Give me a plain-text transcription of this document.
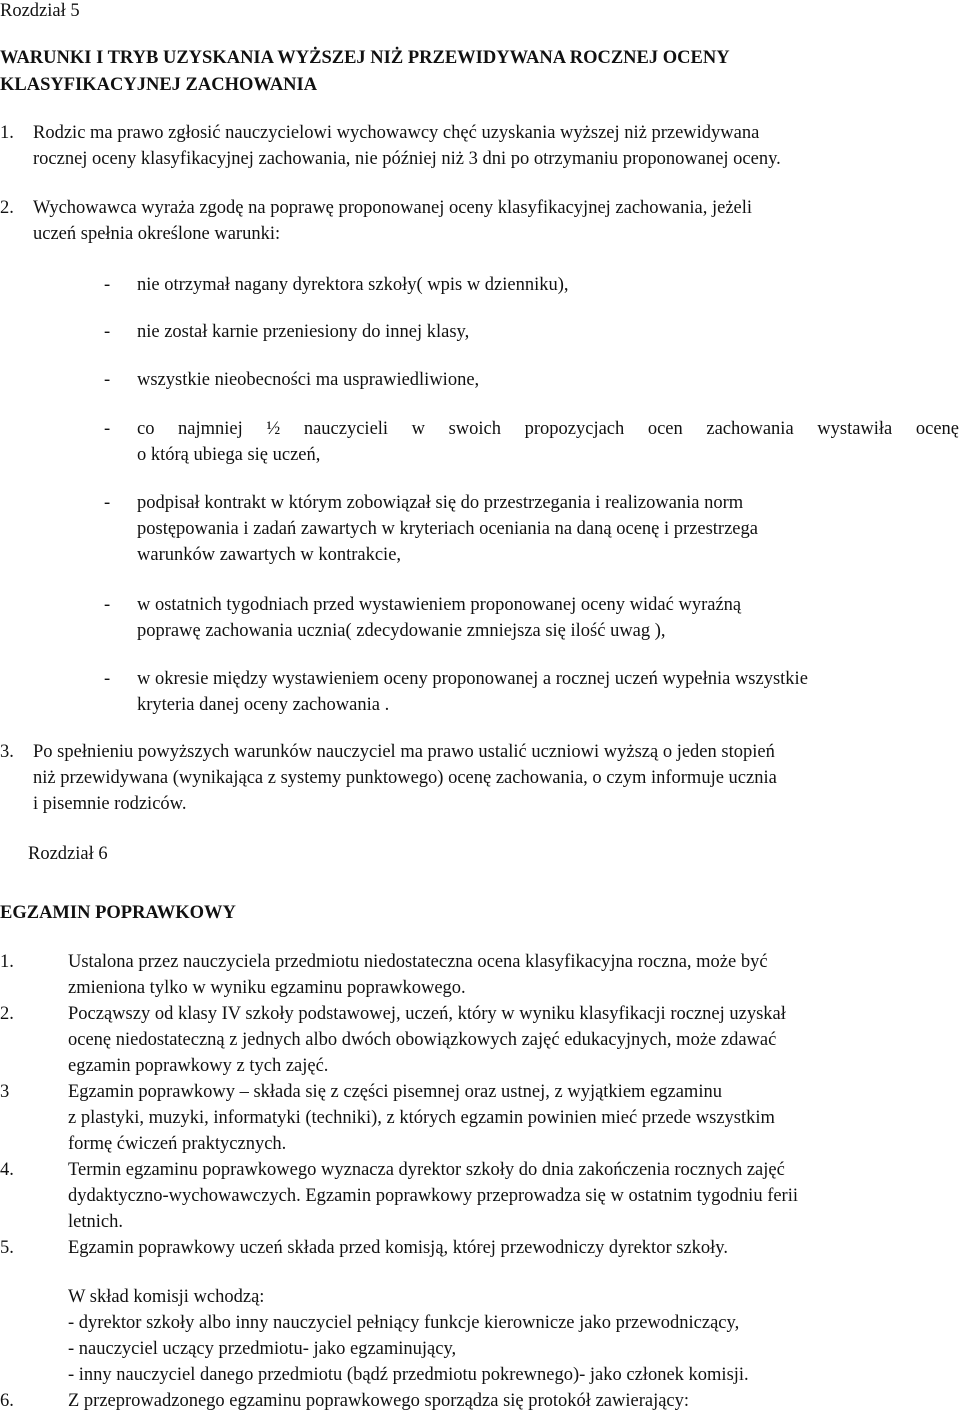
Rozdział 5
WARUNKI I TRYB UZYSKANIA WYŻSZEJ NIŻ PRZEWIDYWANA ROCZNEJ OCENY
KLASYFIKACYJNEJ ZACHOWANIA
1. Rodzic ma prawo zgłosić nauczycielowi wychowawcy chęć uzyskania wyższej niż przewidywana
rocznej oceny klasyfikacyjnej zachowania, nie później niż 3 dni po otrzymaniu proponowanej oceny.
2. Wychowawca wyraża zgodę na poprawę proponowanej oceny klasyfikacyjnej zachowania, jeżeli
uczeń spełnia określone warunki:
- nie otrzymał nagany dyrektora szkoły( wpis w dzienniku),
- nie został karnie przeniesiony do innej klasy,
- wszystkie nieobecności ma usprawiedliwione,
- co najmniej ½ nauczycieli w swoich propozycjach ocen zachowania wystawiła ocenę
o którą ubiega się uczeń,
- podpisał kontrakt w którym zobowiązał się do przestrzegania i realizowania norm
postępowania i zadań zawartych w kryteriach oceniania na daną ocenę i przestrzega
warunków zawartych w kontrakcie,
- w ostatnich tygodniach przed wystawieniem proponowanej oceny widać wyraźną
poprawę zachowania ucznia( zdecydowanie zmniejsza się ilość uwag ),
- w okresie między wystawieniem oceny proponowanej a rocznej uczeń wypełnia wszystkie
kryteria danej oceny zachowania .
3. Po spełnieniu powyższych warunków nauczyciel ma prawo ustalić uczniowi wyższą o jeden stopień
niż przewidywana (wynikająca z systemy punktowego) ocenę zachowania, o czym informuje ucznia
i pisemnie rodziców.
Rozdział 6
EGZAMIN POPRAWKOWY
1.	Ustalona przez nauczyciela przedmiotu niedostateczna ocena klasyfikacyjna roczna, może być
zmieniona tylko w wyniku egzaminu poprawkowego.
2.	Począwszy od klasy IV szkoły podstawowej, uczeń, który w wyniku klasyfikacji rocznej uzyskał
ocenę niedostateczną z jednych albo dwóch obowiązkowych zajęć edukacyjnych, może zdawać
egzamin poprawkowy z tych zajęć.
3	Egzamin poprawkowy – składa się z części pisemnej oraz ustnej, z wyjątkiem egzaminu
z plastyki, muzyki, informatyki (techniki), z których egzamin powinien mieć przede wszystkim
formę ćwiczeń praktycznych.
4.	Termin egzaminu poprawkowego wyznacza dyrektor szkoły do dnia zakończenia rocznych zajęć
dydaktyczno-wychowawczych. Egzamin poprawkowy przeprowadza się w ostatnim tygodniu ferii
letnich.
5.	Egzamin poprawkowy uczeń składa przed komisją, której przewodniczy dyrektor szkoły.
W skład komisji wchodzą:
- dyrektor szkoły albo inny nauczyciel pełniący funkcje kierownicze jako przewodniczący,
- nauczyciel uczący przedmiotu- jako egzaminujący,
- inny nauczyciel danego przedmiotu (bądź przedmiotu pokrewnego)- jako członek komisji.
6.	Z przeprowadzonego egzaminu poprawkowego sporządza się protokół zawierający:
